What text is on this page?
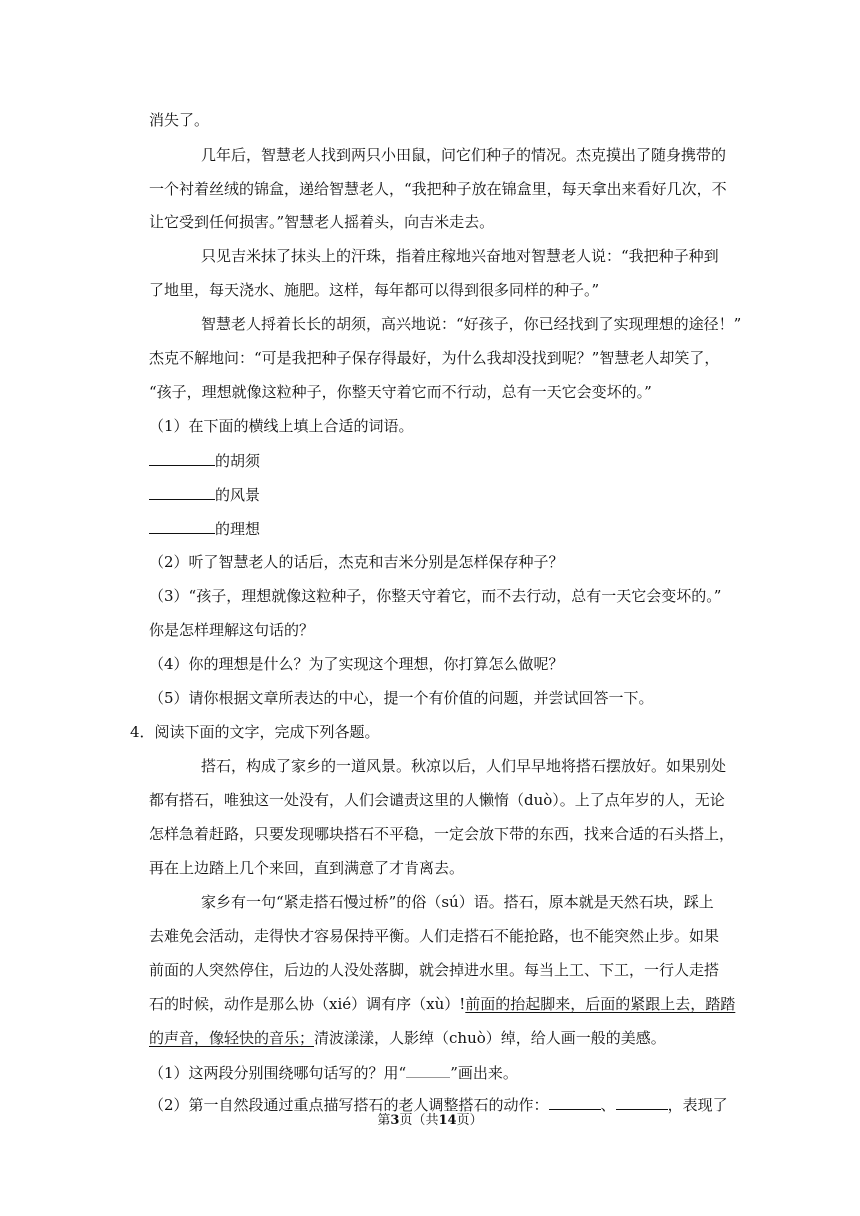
消失了。
几年后，智慧老人找到两只小田鼠，问它们种子的情况。杰克摸出了随身携带的
一个衬着丝绒的锦盒，递给智慧老人，“我把种子放在锦盒里，每天拿出来看好几次，不
让它受到任何损害。”智慧老人摇着头，向吉米走去。
只见吉米抹了抹头上的汗珠，指着庄稼地兴奋地对智慧老人说：“我把种子种到
了地里，每天浇水、施肥。这样，每年都可以得到很多同样的种子。”
智慧老人捋着长长的胡须，高兴地说：“好孩子，你已经找到了实现理想的途径！”
杰克不解地问：“可是我把种子保存得最好，为什么我却没找到呢？”智慧老人却笑了，
“孩子，理想就像这粒种子，你整天守着它而不行动，总有一天它会变坏的。”
（1）在下面的横线上填上合适的词语。
的胡须
的风景
的理想
（2）听了智慧老人的话后，杰克和吉米分别是怎样保存种子？
（3）“孩子，理想就像这粒种子，你整天守着它，而不去行动，总有一天它会变坏的。”
你是怎样理解这句话的？
（4）你的理想是什么？为了实现这个理想，你打算怎么做呢？
（5）请你根据文章所表达的中心，提一个有价值的问题，并尝试回答一下。
4．阅读下面的文字，完成下列各题。
搭石，构成了家乡的一道风景。秋凉以后，人们早早地将搭石摆放好。如果别处
都有搭石，唯独这一处没有，人们会谴责这里的人懒惰（duò）。上了点年岁的人，无论
怎样急着赶路，只要发现哪块搭石不平稳，一定会放下带的东西，找来合适的石头搭上，
再在上边踏上几个来回，直到满意了才肯离去。
家乡有一句“紧走搭石慢过桥”的俗（sú）语。搭石，原本就是天然石块，踩上
去难免会活动，走得快才容易保持平衡。人们走搭石不能抢路，也不能突然止步。如果
前面的人突然停住，后边的人没处落脚，就会掉进水里。每当上工、下工，一行人走搭
石的时候，动作是那么协（xié）调有序（xù）!前面的抬起脚来，后面的紧跟上去，踏踏
的声音，像轻快的音乐；清波漾漾，人影绰（chuò）绰，给人画一般的美感。
（1）这两段分别围绕哪句话写的？用“	”画出来。
（2）第一自然段通过重点描写搭石的老人调整搭石的动作：	、	，表现了
第3页（共14页）
